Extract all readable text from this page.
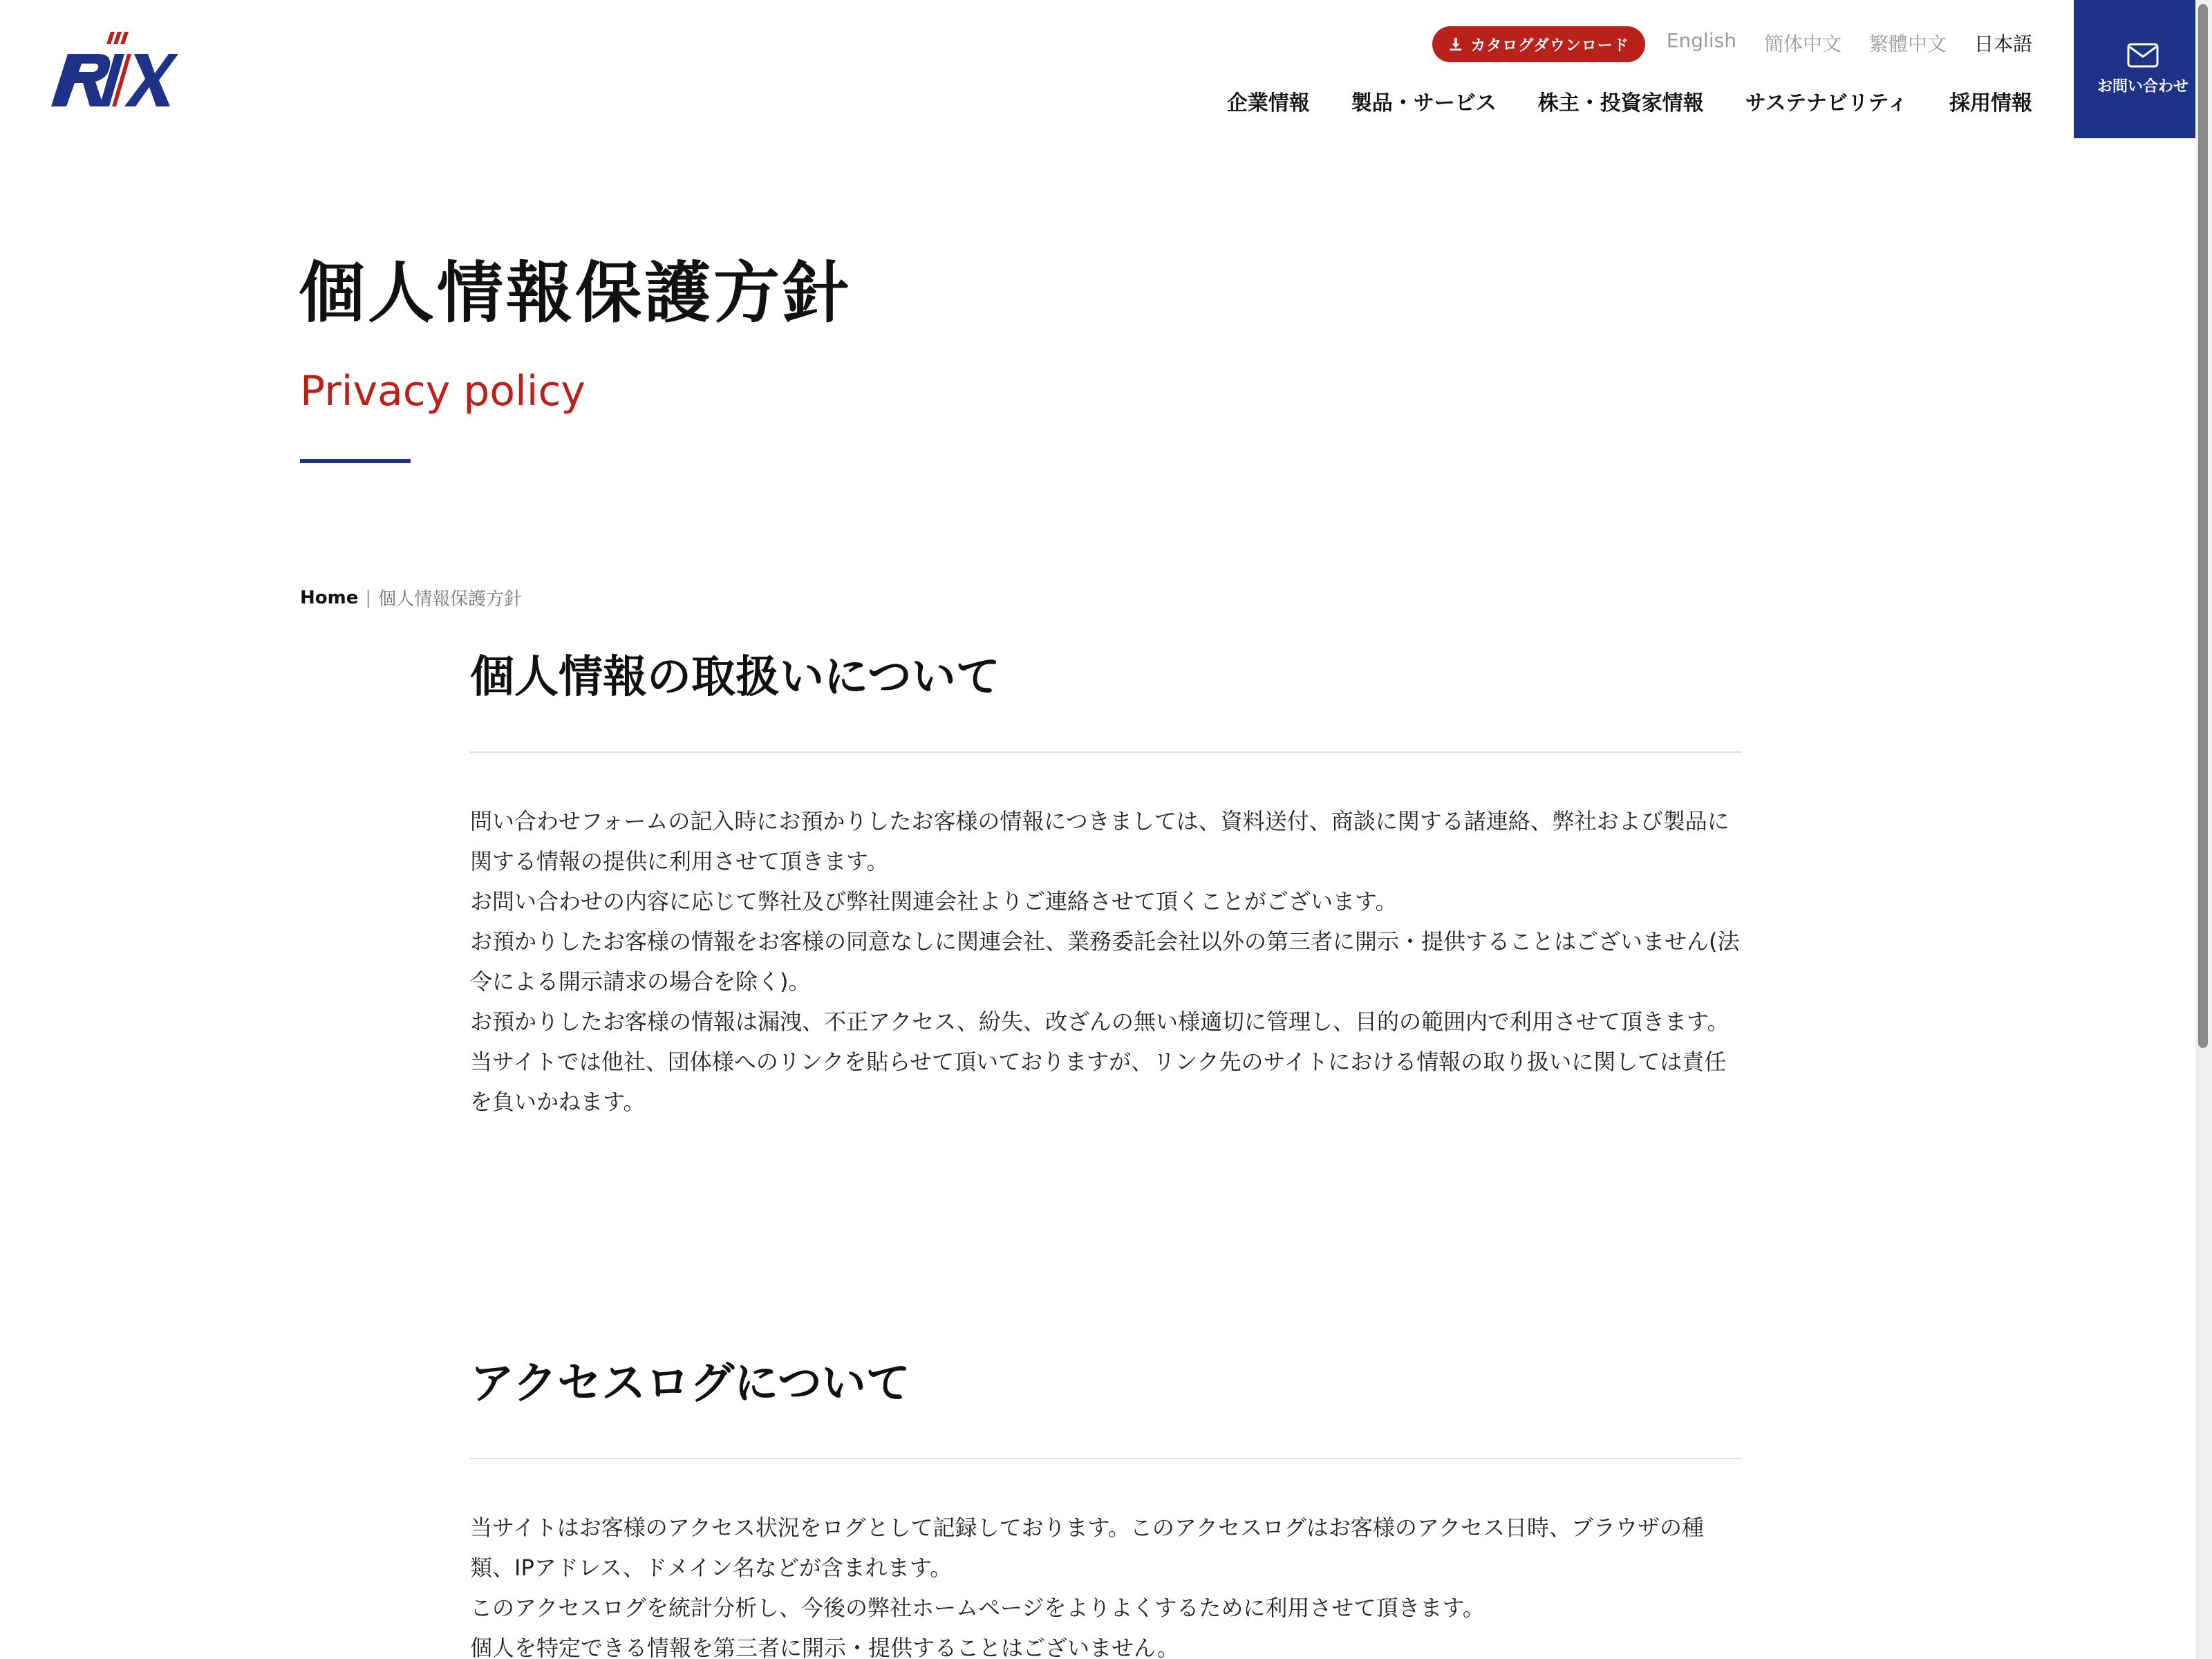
カタログダウンロード English 簡体中文 繁體中文 日本語
企業情報 製品・サービス 株主・投資家情報 サステナビリティ 採用情報
お問い合わせ
個人情報保護方針
Privacy policy
Home | 個人情報保護方針
個人情報の取扱いについて

問い合わせフォームの記入時にお預かりしたお客様の情報につきましては、資料送付、商談に関する諸連絡、弊社および製品に関する情報の提供に利用させて頂きます。

お問い合わせの内容に応じて弊社及び弊社関連会社よりご連絡させて頂くことがございます。

お預かりしたお客様の情報をお客様の同意なしに関連会社、業務委託会社以外の第三者に開示・提供することはございません(法令による開示請求の場合を除く)。

お預かりしたお客様の情報は漏洩、不正アクセス、紛失、改ざんの無い様適切に管理し、目的の範囲内で利用させて頂きます。

当サイトでは他社、団体様へのリンクを貼らせて頂いておりますが、リンク先のサイトにおける情報の取り扱いに関しては責任を負いかねます。

アクセスログについて

当サイトはお客様のアクセス状況をログとして記録しております。このアクセスログはお客様のアクセス日時、ブラウザの種類、IPアドレス、ドメイン名などが含まれます。

このアクセスログを統計分析し、今後の弊社ホームページをよりよくするために利用させて頂きます。

個人を特定できる情報を第三者に開示・提供することはございません。
